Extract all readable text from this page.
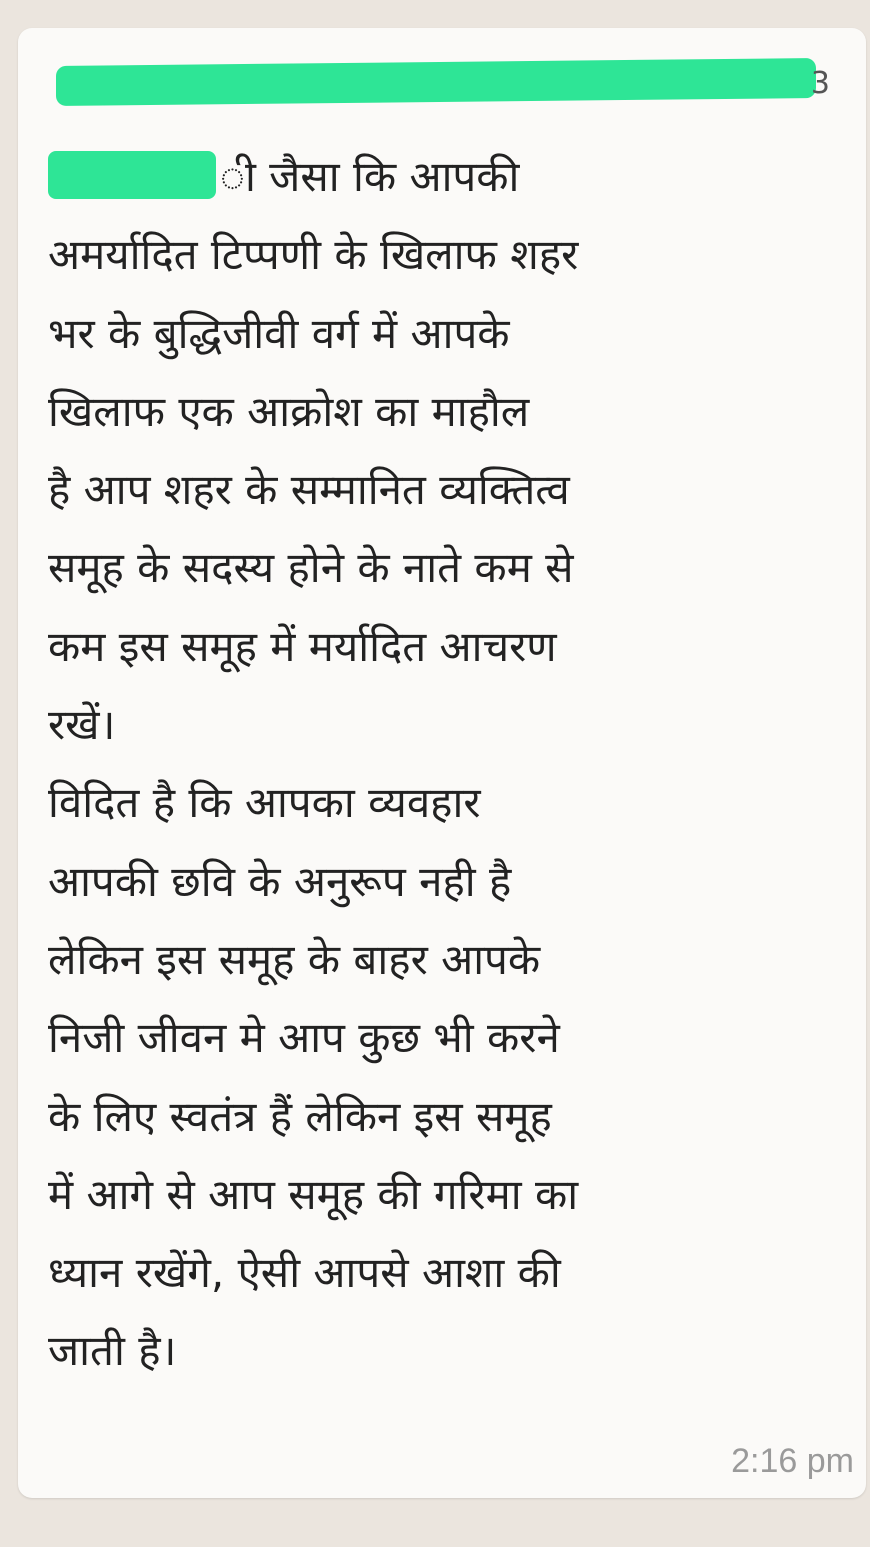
3
ी जैसा कि आपकी
अमर्यादित टिप्पणी के खिलाफ शहर
भर के बुद्धिजीवी वर्ग में आपके
खिलाफ एक आक्रोश का माहौल
है आप शहर के सम्मानित व्यक्तित्व
समूह के सदस्य होने के नाते कम से
कम इस समूह में मर्यादित आचरण
रखें।
विदित है कि आपका व्यवहार
आपकी छवि के अनुरूप नही है
लेकिन इस समूह के बाहर आपके
निजी जीवन मे आप कुछ भी करने
के लिए स्वतंत्र हैं लेकिन इस समूह
में आगे से आप समूह की गरिमा का
ध्यान रखेंगे, ऐसी आपसे आशा की
जाती है।
2:16 pm
